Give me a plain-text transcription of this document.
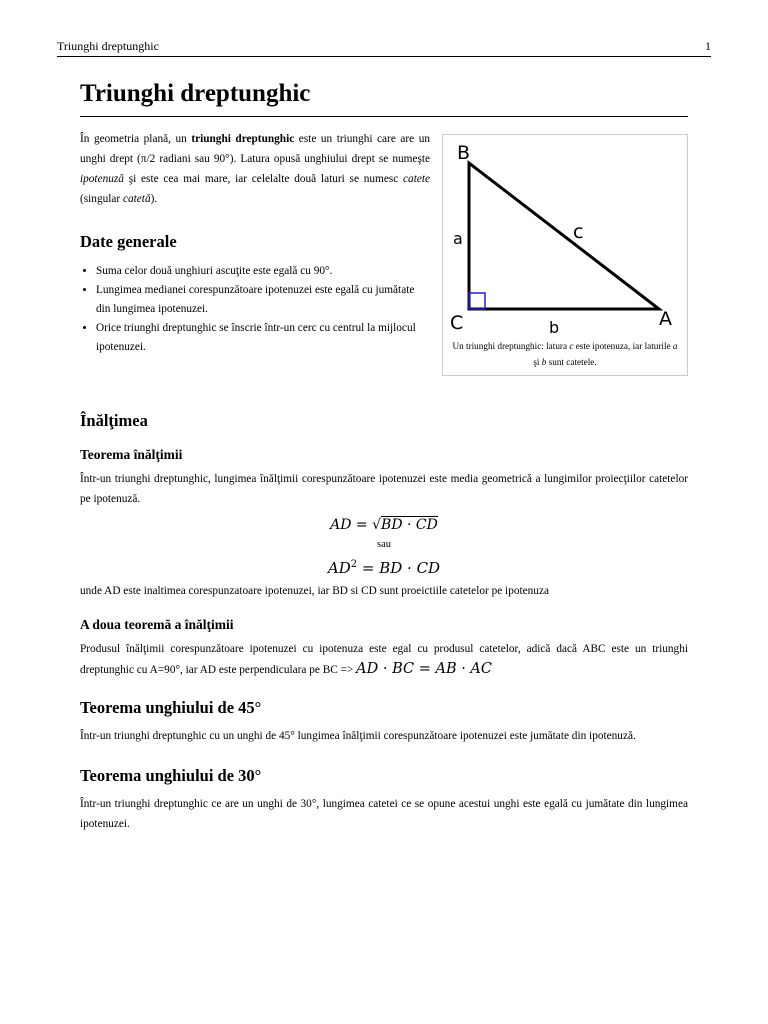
Triunghi dreptunghic	1
Triunghi dreptunghic

În geometria plană, un triunghi dreptunghic este un triunghi care are un unghi drept (π/2 radiani sau 90°). Latura opusă unghiului drept se numeşte ipotenuză şi este cea mai mare, iar celelalte două laturi se numesc catete (singular catetă).

Date generale
• Suma celor două unghiuri ascuţite este egală cu 90°.
• Lungimea medianei corespunzătoare ipotenuzei este egală cu jumătate din lungimea ipotenuzei.
• Orice triunghi dreptunghic se înscrie într-un cerc cu centrul la mijlocul ipotenuzei.
Înălţimea
Teorema înălţimii

Într-un triunghi dreptunghic, lungimea înălţimii corespunzătoare ipotenuzei este media geometrică a lungimilor proiecţiilor catetelor pe ipotenuză.

AD = √BD · CD
sau
$AD^2$ = BD · CD

unde AD este inaltimea corespunzatoare ipotenuzei, iar BD si CD sunt proeictiile catetelor pe ipotenuza

A doua teoremă a înălţimii

Produsul înălţimii corespunzătoare ipotenuzei cu ipotenuza este egal cu produsul catetelor, adică dacă ABC este un triunghi dreptunghic cu A=90°, iar AD este perpendiculara pe BC => AD · BC = AB · AC

Teorema unghiului de 45°

Într-un triunghi dreptunghic cu un unghi de 45° lungimea înălţimii corespunzătoare ipotenuzei este jumătate din ipotenuză.

Teorema unghiului de 30°

Într-un triunghi dreptunghic ce are un unghi de 30°, lungimea catetei ce se opune acestui unghi este egală cu jumătate din lungimea ipotenuzei.

B
a	c
C	b	A
Un triunghi dreptunghic: latura c este ipotenuza, iar laturile a şi b sunt catetele.
